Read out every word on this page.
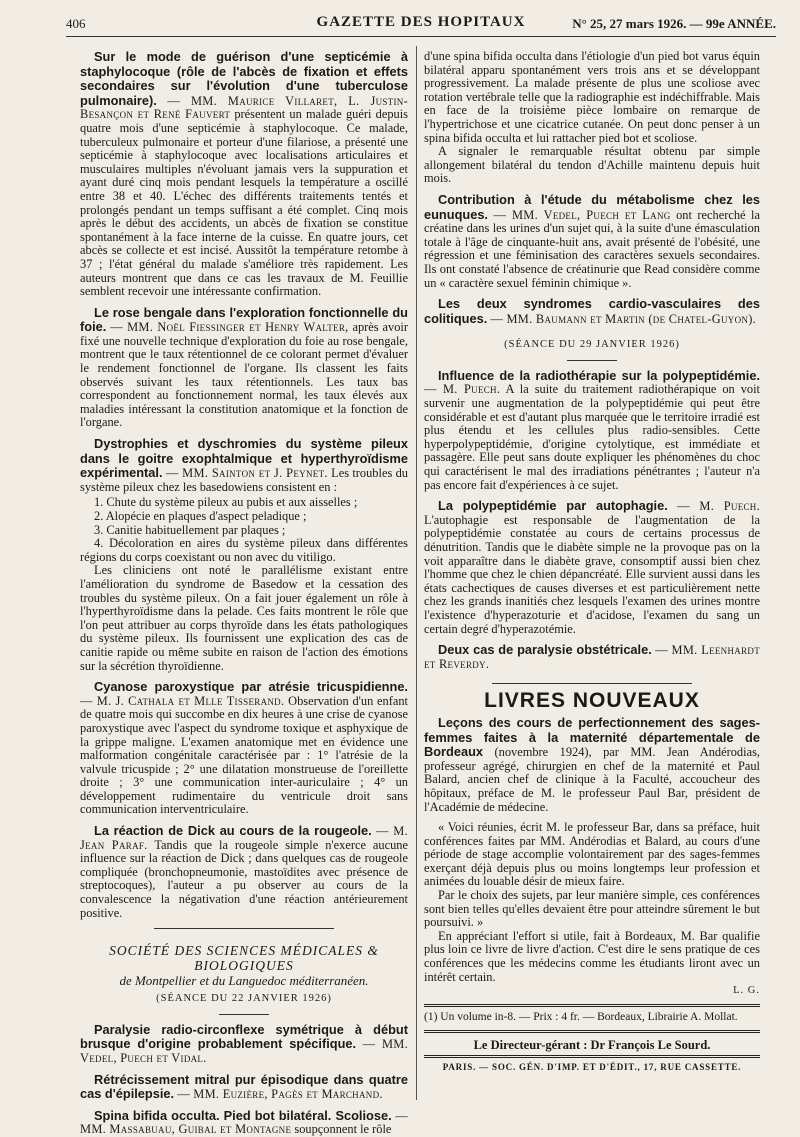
406	GAZETTE DES HOPITAUX	N° 25, 27 mars 1926. — 99e ANNÉE.

Sur le mode de guérison d'une septicémie à staphylocoque (rôle de l'abcès de fixation et effets secondaires sur l'évolution d'une tuberculose pulmonaire). — MM. Maurice Villaret, L. Justin-Besançon et René Fauvert présentent un malade guéri depuis quatre mois d'une septicémie à staphylocoque. Ce malade, tuberculeux pulmonaire et porteur d'une filariose, a présenté une septicémie à staphylocoque avec localisations articulaires et musculaires multiples n'évoluant jamais vers la suppuration et ayant duré cinq mois pendant lesquels la température a oscillé entre 38 et 40. L'échec des différents traitements tentés et prolongés pendant un temps suffisant a été complet. Cinq mois après le début des accidents, un abcès de fixation se constitue spontanément à la face interne de la cuisse. En quatre jours, cet abcès se collecte et est incisé. Aussitôt la température retombe à 37 ; l'état général du malade s'améliore très rapidement. Les auteurs montrent que dans ce cas les travaux de M. Feuillie semblent recevoir une intéressante confirmation.

Le rose bengale dans l'exploration fonctionnelle du foie. — MM. Noël Fiessinger et Henry Walter, après avoir fixé une nouvelle technique d'exploration du foie au rose bengale, montrent que le taux rétentionnel de ce colorant permet d'évaluer le rendement fonctionnel de l'organe. Ils classent les faits observés suivant les taux rétentionnels. Les taux bas correspondent au fonctionnement normal, les taux élevés aux maladies intéressant la constitution anatomique et la fonction de l'organe.

Dystrophies et dyschromies du système pileux dans le goitre exophtalmique et hyperthyroïdisme expérimental. — MM. Sainton et J. Peynet. Les troubles du système pileux chez les basedowiens consistent en :

1. Chute du système pileux au pubis et aux aisselles ;
2. Alopécie en plaques d'aspect peladique ;
3. Canitie habituellement par plaques ;
4. Décoloration en aires du système pileux dans différentes régions du corps coexistant ou non avec du vitiligo.

Les cliniciens ont noté le parallélisme existant entre l'amélioration du syndrome de Basedow et la cessation des troubles du système pileux. On a fait jouer également un rôle à l'hyperthyroïdisme dans la pelade. Ces faits montrent le rôle que l'on peut attribuer au corps thyroïde dans les états pathologiques du système pileux. Ils fournissent une explication des cas de canitie rapide ou même subite en raison de l'action des émotions sur la sécrétion thyroïdienne.

Cyanose paroxystique par atrésie tricuspidienne. — M. J. Cathala et Mlle Tisserand. Observation d'un enfant de quatre mois qui succombe en dix heures à une crise de cyanose paroxystique avec l'aspect du syndrome toxique et asphyxique de la grippe maligne. L'examen anatomique met en évidence une malformation congénitale caractérisée par : 1° l'atrésie de la valvule tricuspide ; 2° une dilatation monstrueuse de l'oreillette droite ; 3° une communication inter-auriculaire ; 4° un développement rudimentaire du ventricule droit sans communication interventriculaire.

La réaction de Dick au cours de la rougeole. — M. Jean Paraf. Tandis que la rougeole simple n'exerce aucune influence sur la réaction de Dick ; dans quelques cas de rougeole compliquée (bronchopneumonie, mastoïdites avec présence de streptocoques), l'auteur a pu observer au cours de la convalescence la négativation d'une réaction antérieurement positive.

SOCIÉTÉ DES SCIENCES MÉDICALES & BIOLOGIQUES
de Montpellier et du Languedoc méditerranéen.
(SÉANCE DU 22 JANVIER 1926)

Paralysie radio-circonflexe symétrique à début brusque d'origine probablement spécifique. — MM. Vedel, Puech et Vidal.

Rétrécissement mitral pur épisodique dans quatre cas d'épilepsie. — MM. Euzière, Pagès et Marchand.

Spina bifida occulta. Pied bot bilatéral. Scoliose. — MM. Massabuau, Guibal et Montagne soupçonnent le rôle

d'une spina bifida occulta dans l'étiologie d'un pied bot varus équin bilatéral apparu spontanément vers trois ans et se développant progressivement. La malade présente de plus une scoliose avec rotation vertébrale telle que la radiographie est indéchiffrable. Mais en face de la troisième pièce lombaire on remarque de l'hypertrichose et une cicatrice cutanée. On peut donc penser à un spina bifida occulta et lui rattacher pied bot et scoliose.

A signaler le remarquable résultat obtenu par simple allongement bilatéral du tendon d'Achille maintenu depuis huit mois.

Contribution à l'étude du métabolisme chez les eunuques. — MM. Vedel, Puech et Lang ont recherché la créatine dans les urines d'un sujet qui, à la suite d'une émasculation totale à l'âge de cinquante-huit ans, avait présenté de l'obésité, une régression et une féminisation des caractères sexuels secondaires. Ils ont constaté l'absence de créatinurie que Read considère comme un « caractère sexuel féminin chimique ».

Les deux syndromes cardio-vasculaires des colitiques. — MM. Baumann et Martin (de Chatel-Guyon).

(SÉANCE DU 29 JANVIER 1926)

Influence de la radiothérapie sur la polypeptidémie. — M. Puech. A la suite du traitement radiothérapique on voit survenir une augmentation de la polypeptidémie qui peut être considérable et est d'autant plus marquée que le territoire irradié est plus étendu et les cellules plus radio-sensibles. Cette hyperpolypeptidémie, d'origine cytolytique, est immédiate et passagère. Elle peut sans doute expliquer les phénomènes du choc qui caractérisent le mal des irradiations pénétrantes ; l'auteur n'a pas encore fait d'expériences à ce sujet.

La polypeptidémie par autophagie. — M. Puech. L'autophagie est responsable de l'augmentation de la polypeptidémie constatée au cours de certains processus de dénutrition. Tandis que le diabète simple ne la provoque pas on la voit apparaître dans le diabète grave, consomptif aussi bien chez l'homme que chez le chien dépancréaté. Elle survient aussi dans les états cachectiques de causes diverses et est particulièrement nette chez les grands inanitiés chez lesquels l'examen des urines montre l'existence d'hyperazoturie et d'acidose, l'examen du sang un certain degré d'hyperazotémie.

Deux cas de paralysie obstétricale. — MM. Leenhardt et Reverdy.

LIVRES NOUVEAUX

Leçons des cours de perfectionnement des sages-femmes faites à la maternité départementale de Bordeaux (novembre 1924), par MM. Jean Andérodias, professeur agrégé, chirurgien en chef de la maternité et Paul Balard, ancien chef de clinique à la Faculté, accoucheur des hôpitaux, préface de M. le professeur Paul Bar, président de l'Académie de médecine.

« Voici réunies, écrit M. le professeur Bar, dans sa préface, huit conférences faites par MM. Andérodias et Balard, au cours d'une période de stage accomplie volontairement par des sages-femmes exerçant déjà depuis plus ou moins longtemps leur profession et animées du louable désir de mieux faire.

Par le choix des sujets, par leur manière simple, ces conférences sont bien telles qu'elles devaient être pour atteindre sûrement le but poursuivi. »

En appréciant l'effort si utile, fait à Bordeaux, M. Bar qualifie plus loin ce livre de livre d'action. C'est dire le sens pratique de ces conférences que les médecins comme les étudiants liront avec un intérêt certain.

L. G.

(1) Un volume in-8. — Prix : 4 fr. — Bordeaux, Librairie A. Mollat.

Le Directeur-gérant : Dr François Le Sourd.
PARIS. — SOC. GÉN. D'IMP. ET D'ÉDIT., 17, RUE CASSETTE.
